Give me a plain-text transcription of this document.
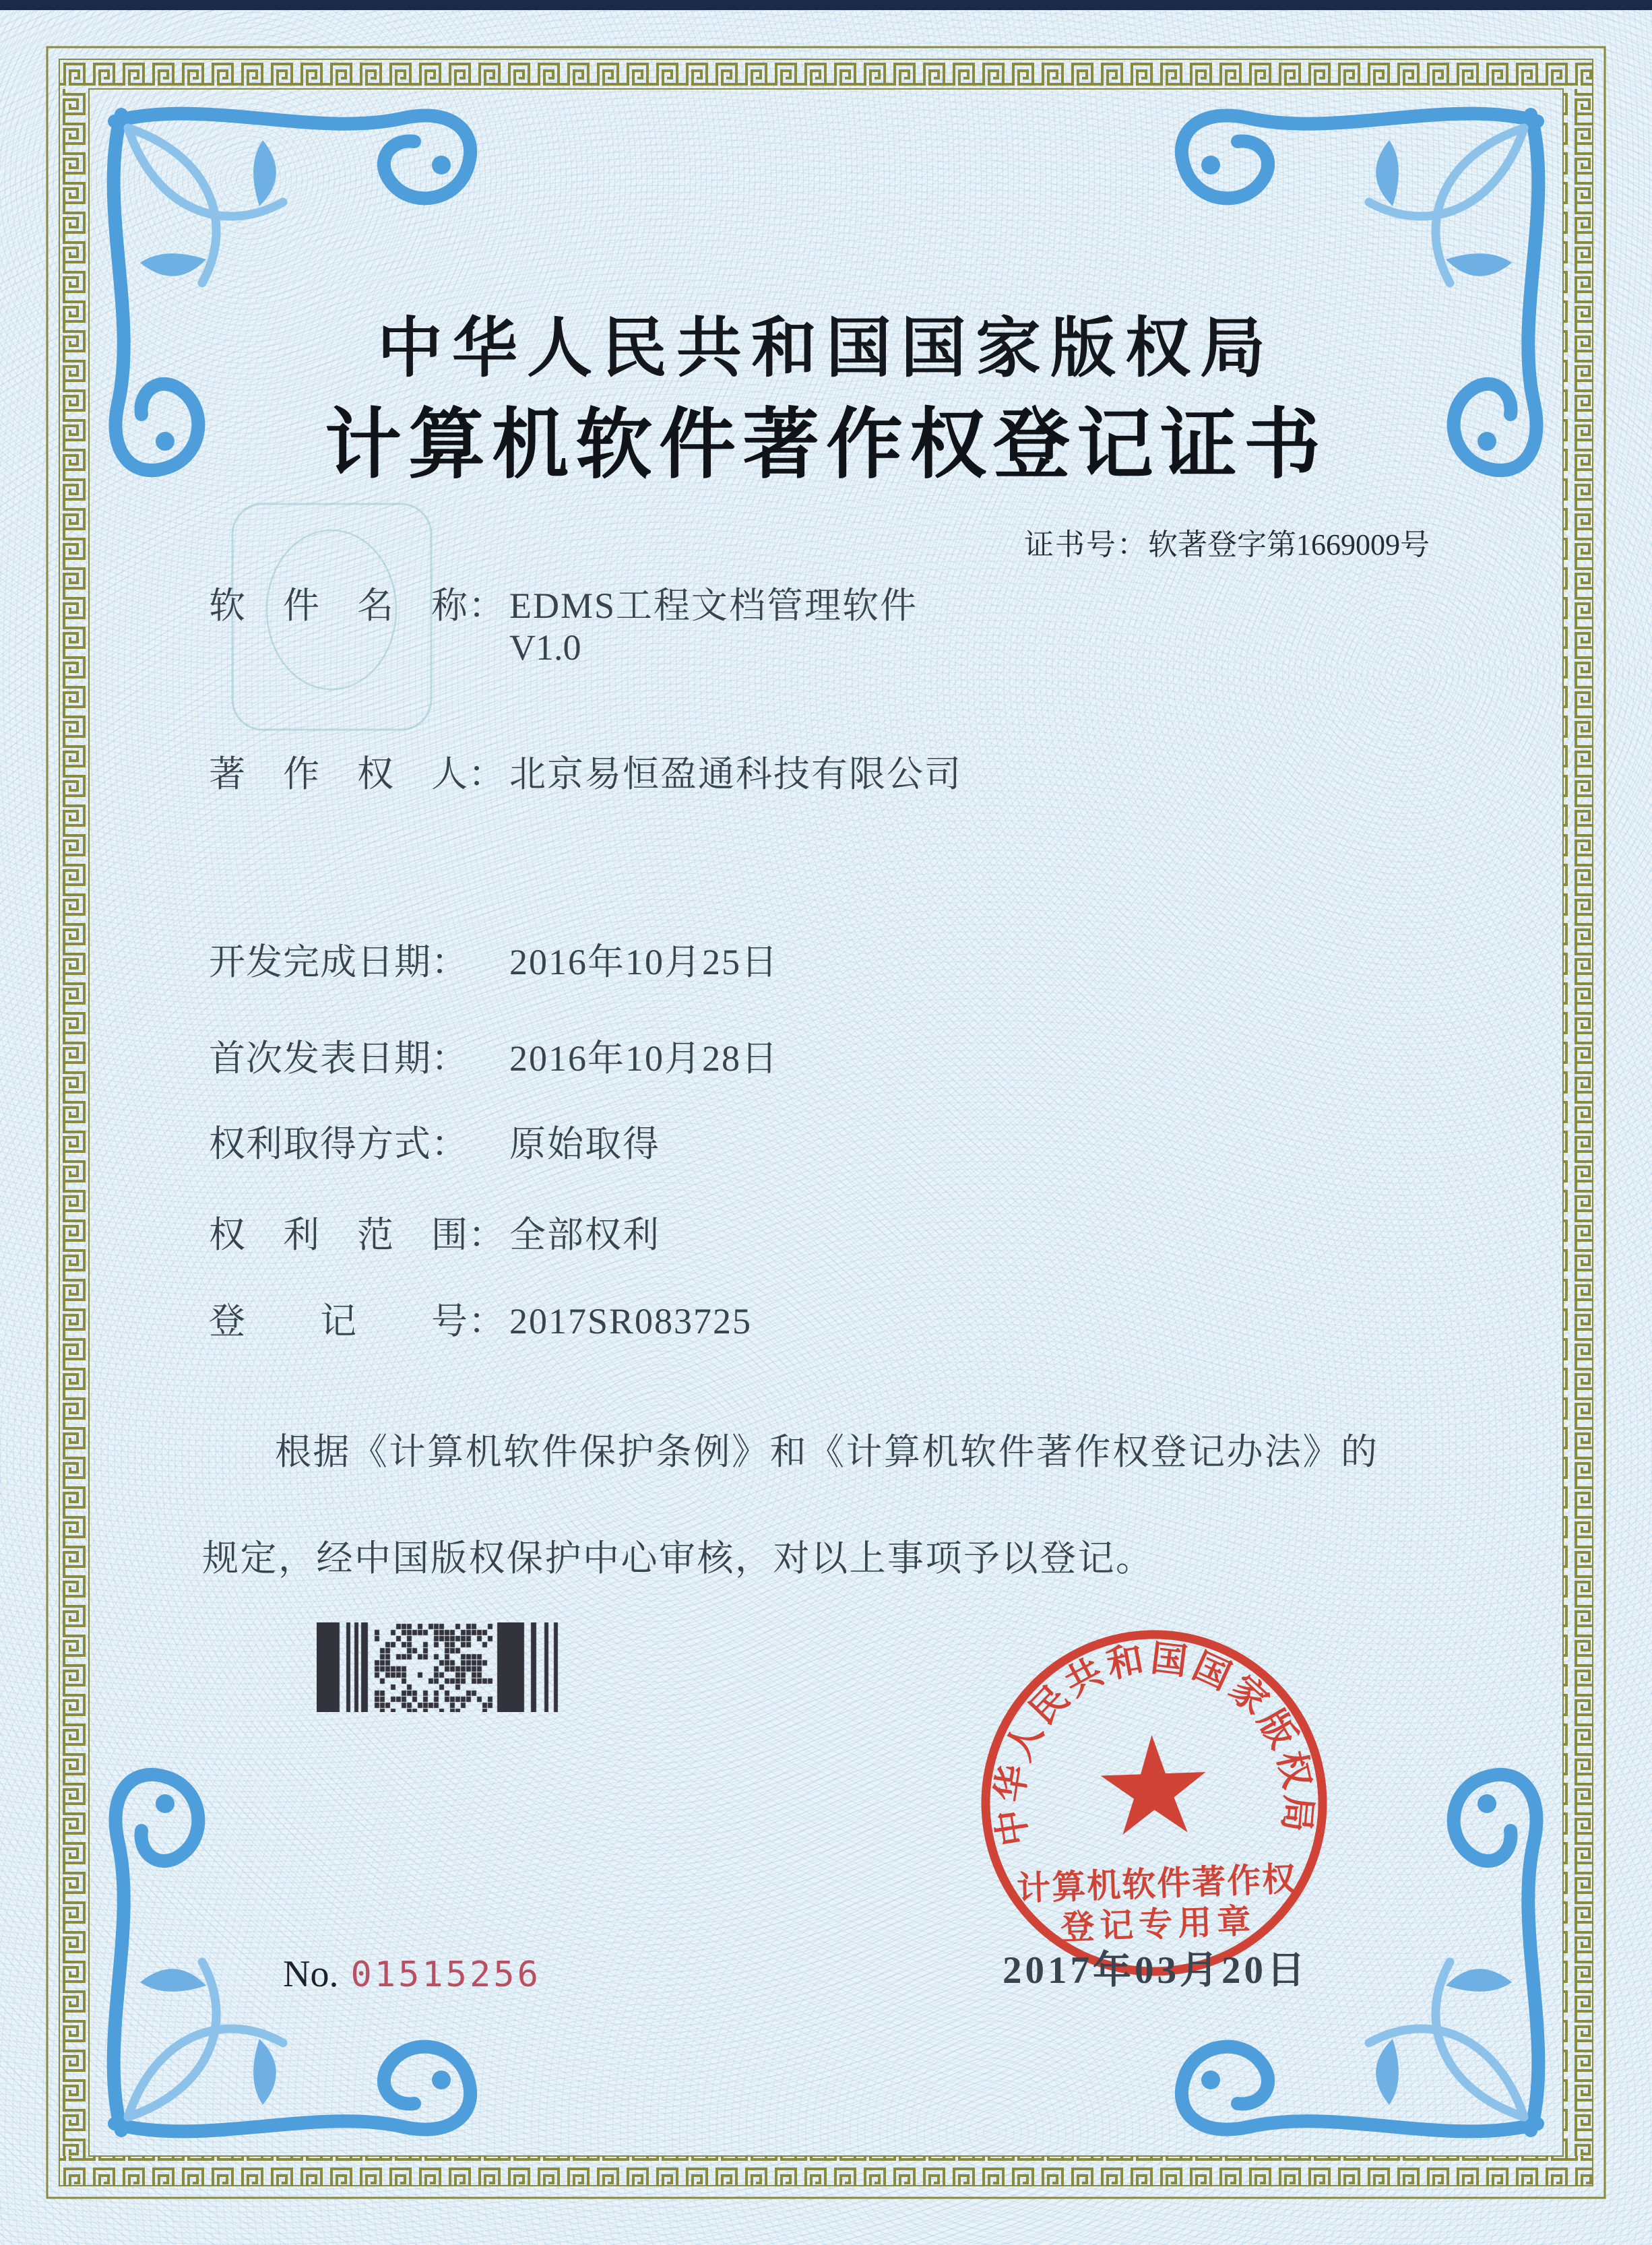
中华人民共和国国家版权局
计算机软件著作权登记证书
证书号：软著登字第1669009号
软　件　名　称： EDMS工程文档管理软件
V1.0
著　作　权　人： 北京易恒盈通科技有限公司
开发完成日期： 2016年10月25日
首次发表日期： 2016年10月28日
权利取得方式： 原始取得
权　利　范　围： 全部权利
登　　记　　号： 2017SR083725
根据《计算机软件保护条例》和《计算机软件著作权登记办法》的
规定，经中国版权保护中心审核，对以上事项予以登记。
中华人民共和国国家版权局
计算机软件著作权
登记专用章
2017年03月20日
No. 01515256
